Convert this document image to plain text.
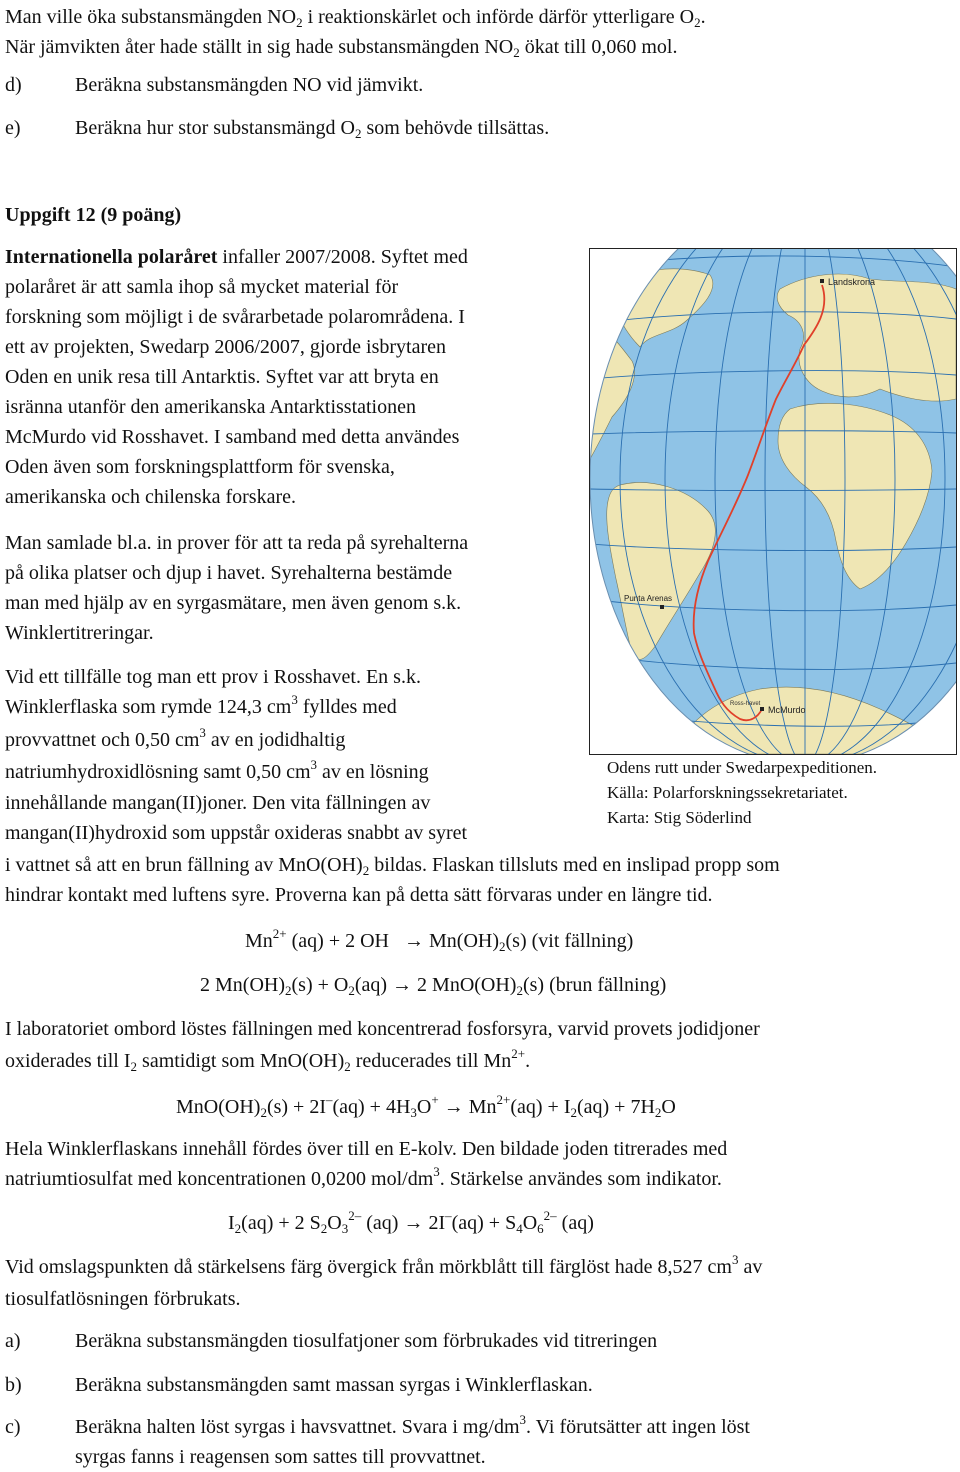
Man ville öka substansmängden $NO_2$ i reaktionskärlet och införde därför ytterligare $O_2$.
När jämvikten åter hade ställt in sig hade substansmängden $NO_2$ ökat till 0,060 mol.
d)	Beräkna substansmängden NO vid jämvikt.
e)	Beräkna hur stor substansmängd $O_2$ som behövde tillsättas.
Uppgift 12 (9 poäng)
Internationella polaråret infaller 2007/2008. Syftet med
polaråret är att samla ihop så mycket material för
forskning som möjligt i de svårarbetade polarområdena. I
ett av projekten, Swedarp 2006/2007, gjorde isbrytaren
Oden en unik resa till Antarktis. Syftet var att bryta en
isränna utanför den amerikanska Antarktisstationen
McMurdo vid Rosshavet. I samband med detta användes
Oden även som forskningsplattform för svenska,
amerikanska och chilenska forskare.
Man samlade bl.a. in prover för att ta reda på syrehalterna
på olika platser och djup i havet. Syrehalterna bestämde
man med hjälp av en syrgasmätare, men även genom s.k.
Winklertitreringar.
Vid ett tillfälle tog man ett prov i Rosshavet. En s.k.
Winklerflaska som rymde 124,3 $cm^3$ fylldes med
provvattnet och 0,50 $cm^3$ av en jodidhaltig
natriumhydroxidlösning samt 0,50 $cm^3$ av en lösning
innehållande mangan(II)joner. Den vita fällningen av
mangan(II)hydroxid som uppstår oxideras snabbt av syret
i vattnet så att en brun fällning av $MnO(OH)_2$ bildas. Flaskan tillsluts med en inslipad propp som
hindrar kontakt med luftens syre. Proverna kan på detta sätt förvaras under en längre tid.
Landskrona
Punta Arenas
McMurdo
Ross-havet
Odens rutt under Swedarpexpeditionen.
Källa: Polarforskningssekretariatet.
Karta: Stig Söderlind
$Mn^{2+}$ (aq) + 2 OH → $Mn(OH)_2(s)$ (vit fällning)
2 $Mn(OH)_2(s) + O_2(aq) \to 2$ $MnO(OH)_2(s)$ (brun fällning)
I laboratoriet ombord löstes fällningen med koncentrerad fosforsyra, varvid provets jodidjoner
oxiderades till $I_2$ samtidigt som $MnO(OH)_2$ reducerades till $Mn^{2+}$.
$MnO(OH)_2(s) + 2I^-(aq) + 4H_3O^+ \to Mn^{2+}(aq) + I_2(aq) + 7H_2O$
Hela Winklerflaskans innehåll fördes över till en E-kolv. Den bildade joden titrerades med
natriumtiosulfat med koncentrationen 0,0200 mol/$dm^3$. Stärkelse användes som indikator.
$I_2(aq) + 2$ $S_2O_3^{2-}$ $(aq) \to 2I^-(aq) + S_4O_6^{2-}$ (aq)
Vid omslagspunkten då stärkelsens färg övergick från mörkblått till färglöst hade 8,527 $cm^3$ av
tiosulfatlösningen förbrukats.
a)	Beräkna substansmängden tiosulfatjoner som förbrukades vid titreringen
b)	Beräkna substansmängden samt massan syrgas i Winklerflaskan.
c)	Beräkna halten löst syrgas i havsvattnet. Svara i $mg/dm^3$. Vi förutsätter att ingen löst
syrgas fanns i reagensen som sattes till provvattnet.
